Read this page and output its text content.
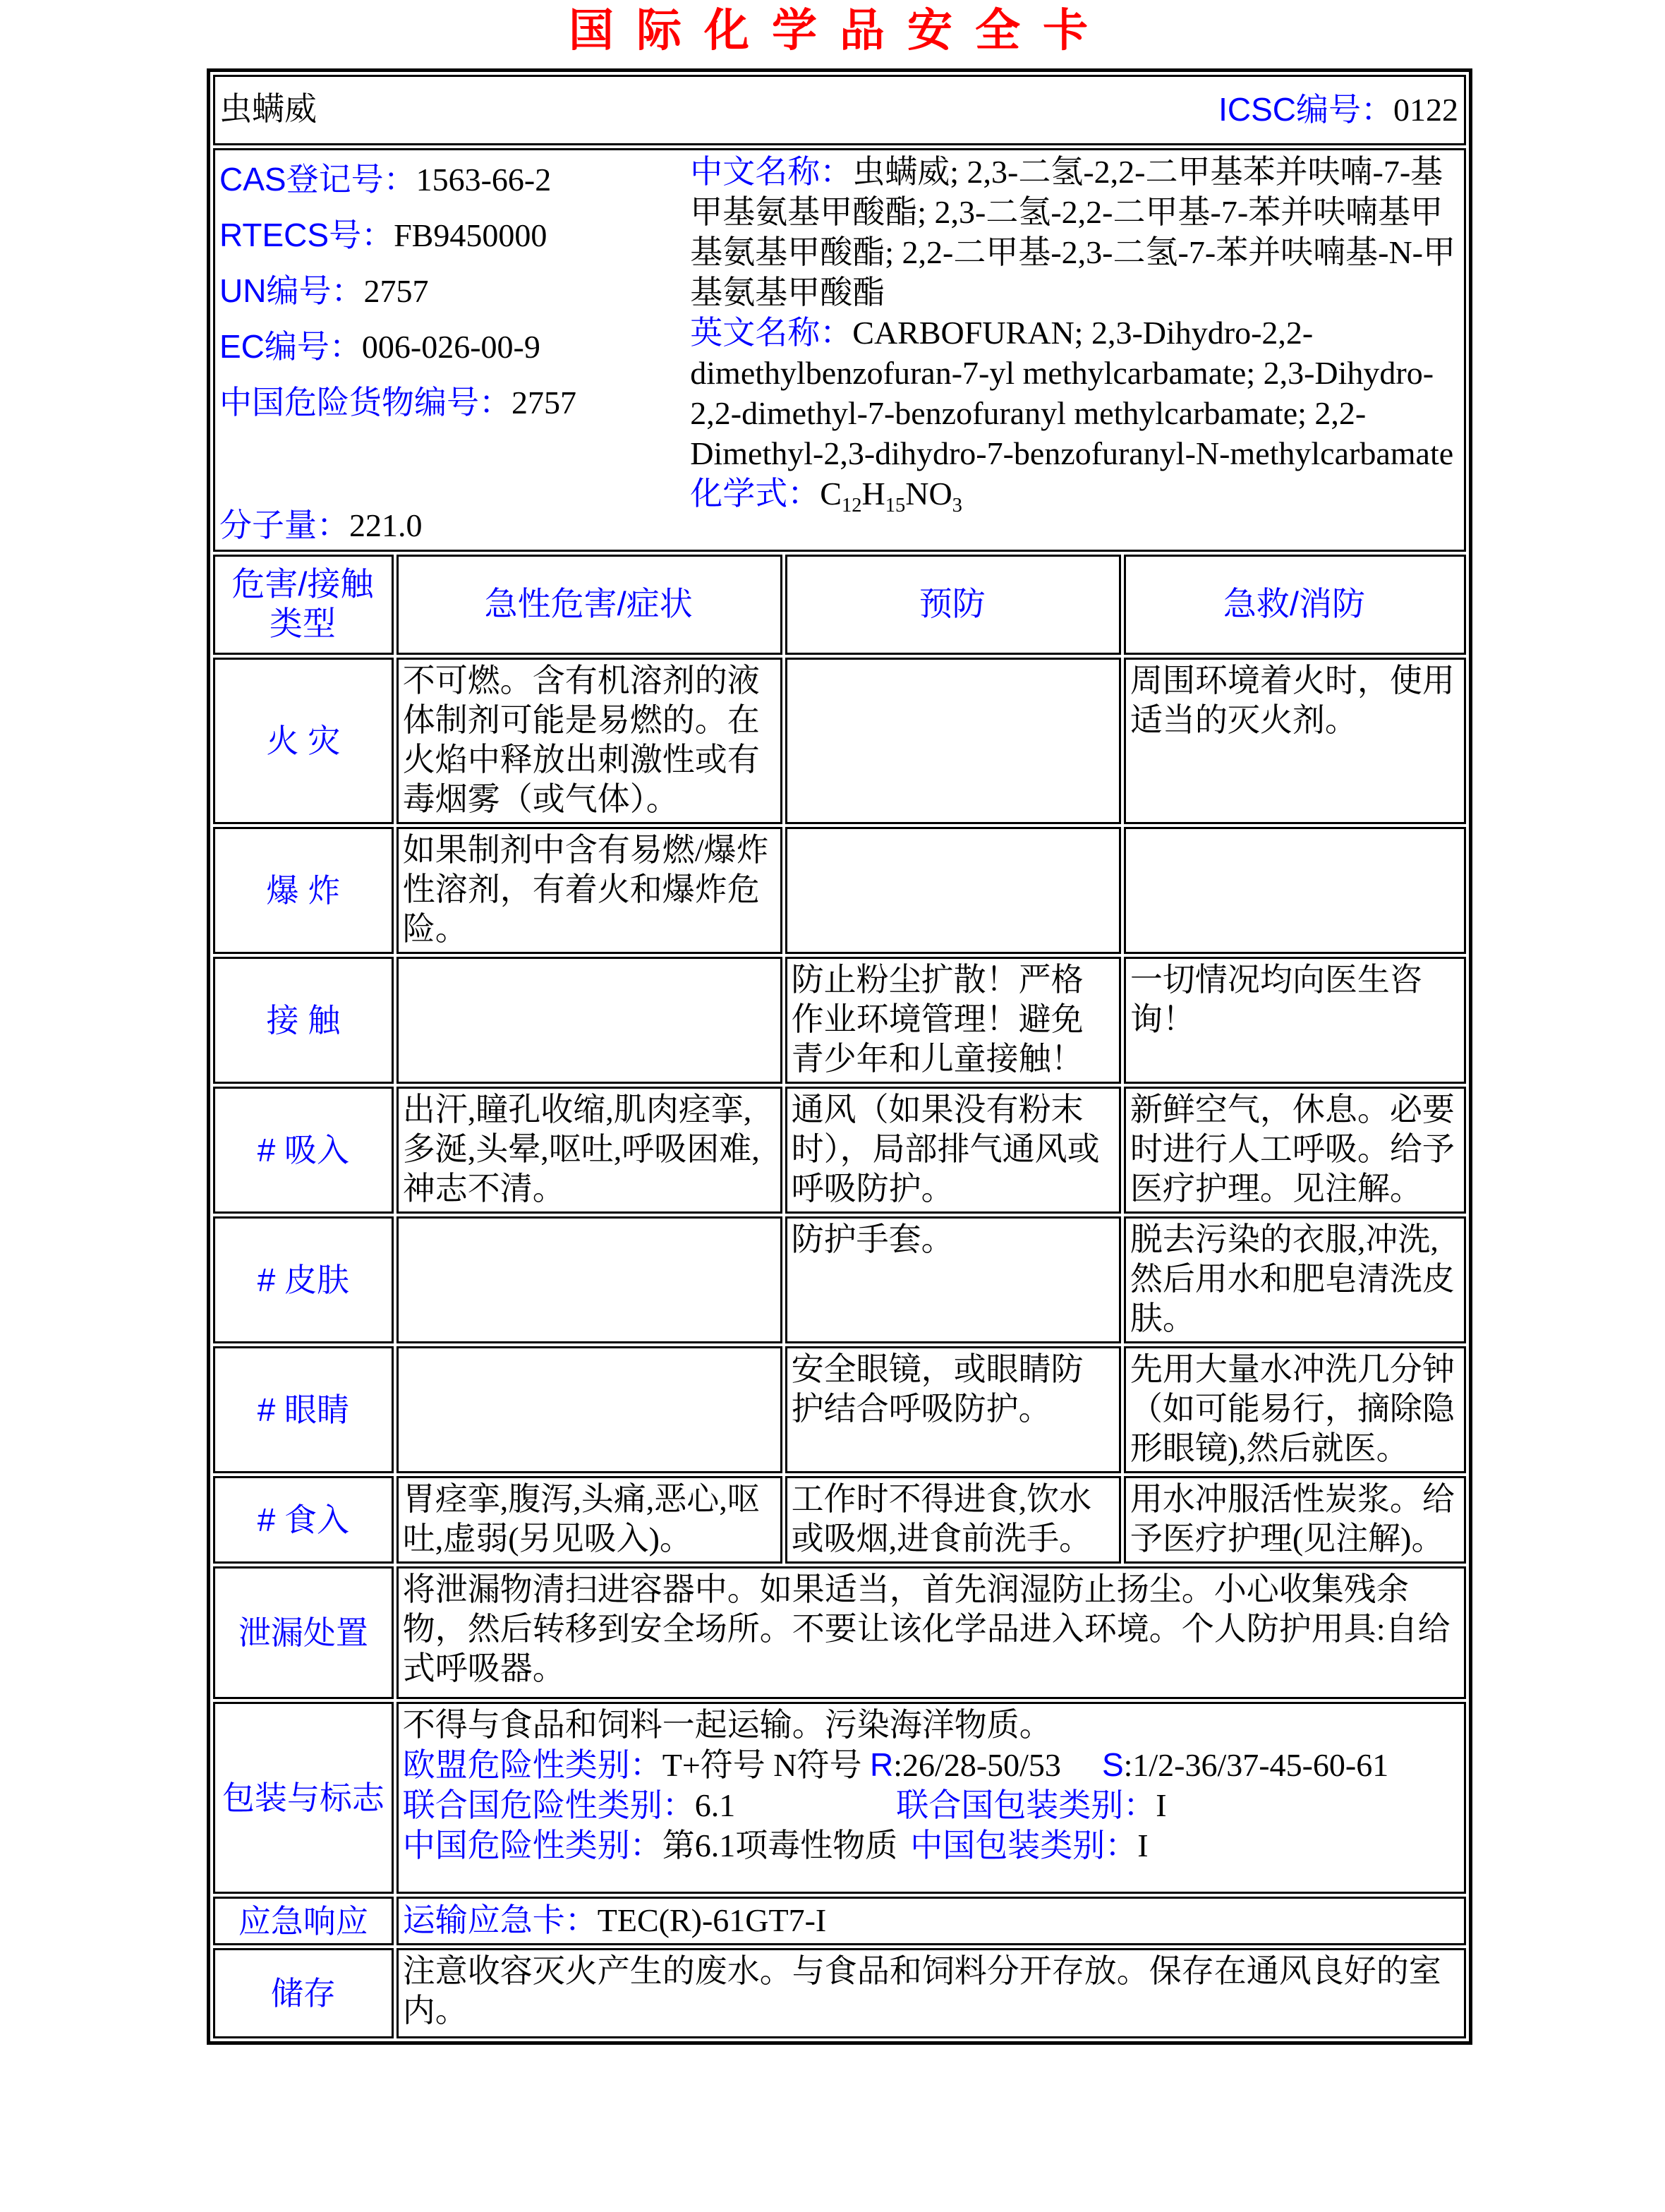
国际化学品安全卡
虫螨威 ICSC编号：0122			

CAS登记号：1563-66-2
RTECS号：FB9450000
UN编号：2757
EC编号：006-026-00-9
中国危险货物编号：2757
分子量：221.0
中文名称：虫螨威; 2,3-二氢-2,2-二甲基苯并呋喃-7-基甲基氨基甲酸酯; 2,3-二氢-2,2-二甲基-7-苯并呋喃基甲基氨基甲酸酯; 2,2-二甲基-2,3-二氢-7-苯并呋喃基-N-甲基氨基甲酸酯
英文名称：CARBOFURAN; 2,3-Dihydro-2,2-dimethylbenzofuran-7-yl methylcarbamate; 2,3-Dihydro-2,2-dimethyl-7-benzofuranyl methylcarbamate; 2,2-Dimethyl-2,3-dihydro-7-benzofuranyl-N-methylcarbamate
化学式：$C_{12}H_{15}NO_3$

危害/接触类型	急性危害/症状	预防	急救/消防
火 灾	不可燃。含有机溶剂的液体制剂可能是易燃的。在火焰中释放出刺激性或有毒烟雾（或气体）。		周围环境着火时，使用适当的灭火剂。
爆 炸	如果制剂中含有易燃/爆炸性溶剂，有着火和爆炸危险。		
接 触		防止粉尘扩散！严格作业环境管理！避免青少年和儿童接触！	一切情况均向医生咨询！
# 吸入	出汗,瞳孔收缩,肌肉痉挛,多涎,头晕,呕吐,呼吸困难,神志不清。	通风（如果没有粉末时），局部排气通风或呼吸防护。	新鲜空气，休息。必要时进行人工呼吸。给予医疗护理。见注解。
# 皮肤		防护手套。	脱去污染的衣服,冲洗,然后用水和肥皂清洗皮肤。
# 眼睛		安全眼镜，或眼睛防护结合呼吸防护。	先用大量水冲洗几分钟（如可能易行，摘除隐形眼镜),然后就医。
# 食入	胃痉挛,腹泻,头痛,恶心,呕吐,虚弱(另见吸入)。	工作时不得进食,饮水或吸烟,进食前洗手。	用水冲服活性炭浆。给予医疗护理(见注解)。
泄漏处置	将泄漏物清扫进容器中。如果适当，首先润湿防止扬尘。小心收集残余物，然后转移到安全场所。不要让该化学品进入环境。个人防护用具:自给式呼吸器。		
包装与标志	不得与食品和饲料一起运输。污染海洋物质。
欧盟危险性类别：T+符号 N符号 R:26/28-50/53 S:1/2-36/37-45-60-61
联合国危险性类别：6.1 联合国包装类别：I
中国危险性类别：第6.1项毒性物质 中国包装类别：I		

应急响应	运输应急卡：TEC(R)-61GT7-I		
储存	注意收容灭火产生的废水。与食品和饲料分开存放。保存在通风良好的室内。		
